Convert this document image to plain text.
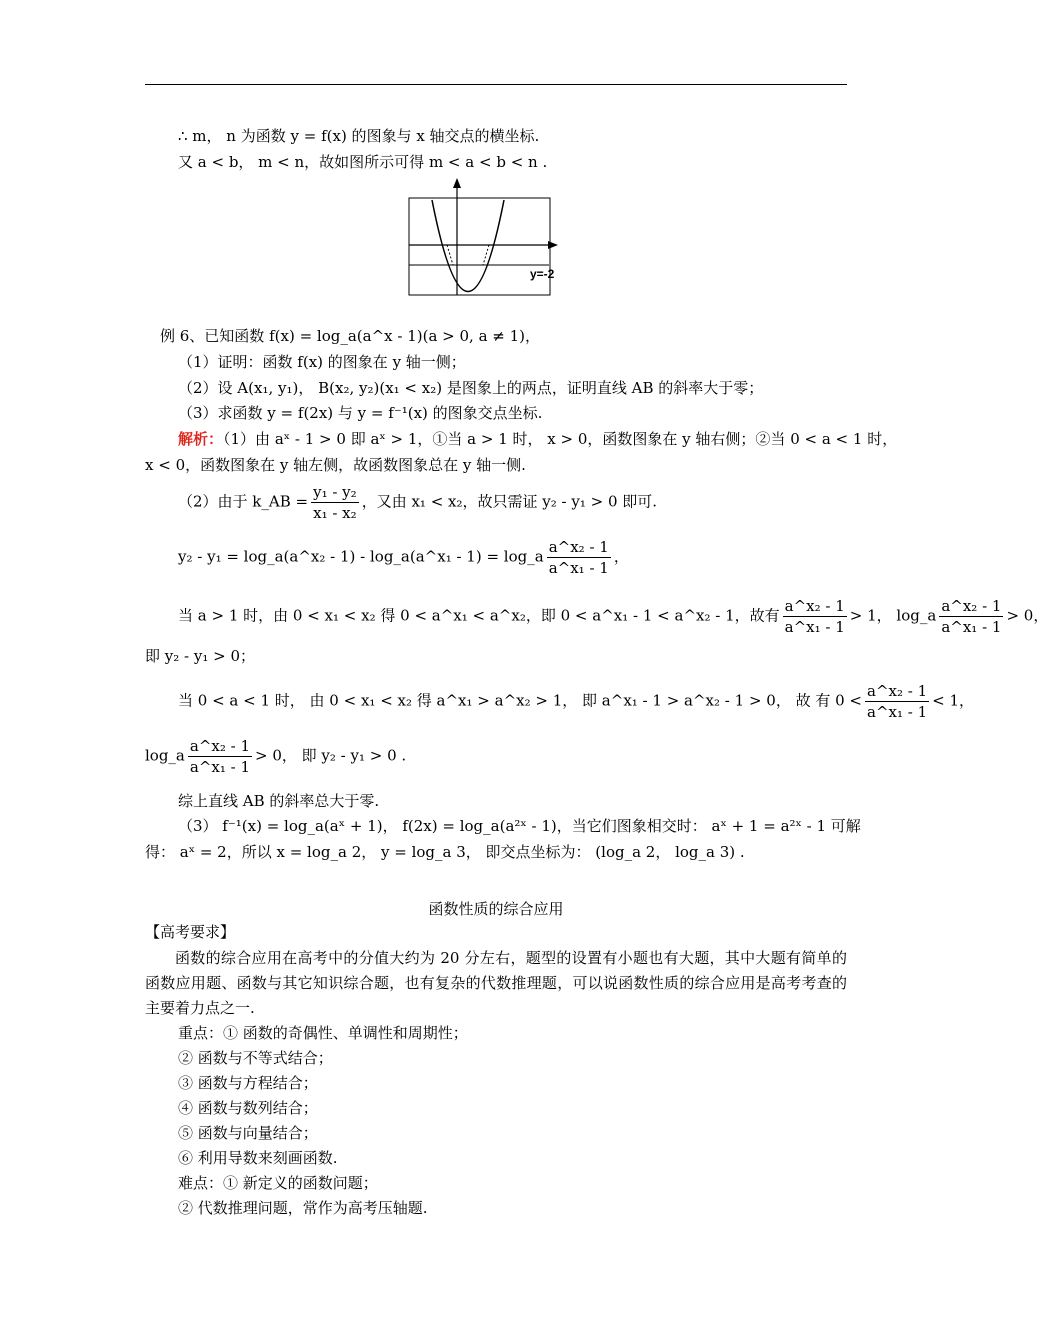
∴ m， n 为函数 y = f(x) 的图象与 x 轴交点的横坐标.
又 a < b， m < n，故如图所示可得 m < a < b < n .
y=-2
例 6、已知函数 f(x) = log_a(a^x - 1)(a > 0, a ≠ 1)，
（1）证明：函数 f(x) 的图象在 y 轴一侧；
（2）设 A(x₁, y₁)， B(x₂, y₂)(x₁ < x₂) 是图象上的两点，证明直线 AB 的斜率大于零；
（3）求函数 y = f(2x) 与 y = f⁻¹(x) 的图象交点坐标.
解析：（1）由 aˣ - 1 > 0 即 aˣ > 1，①当 a > 1 时， x > 0，函数图象在 y 轴右侧；②当 0 < a < 1 时，
x < 0，函数图象在 y 轴左侧，故函数图象总在 y 轴一侧.
（2）由于 k_AB = $\frac{\text{y₁ - y₂}}{\text{x₁ - x₂}}$ ，又由 x₁ < x₂，故只需证 y₂ - y₁ > 0 即可.
y₂ - y₁ = log_a(a^x₂ - 1) - log_a(a^x₁ - 1) = log_a $\frac{\text{a\textasciicircum{}x₂ - 1}}{\text{a\textasciicircum{}x₁ - 1}}$ ，
当 a > 1 时，由 0 < x₁ < x₂ 得 0 < a^x₁ < a^x₂，即 0 < a^x₁ - 1 < a^x₂ - 1，故有 $\frac{\text{a\textasciicircum{}x₂ - 1}}{\text{a\textasciicircum{}x₁ - 1}} > 1$， log_a $\frac{\text{a\textasciicircum{}x₂ - 1}}{\text{a\textasciicircum{}x₁ - 1}} > 0$，
即 y₂ - y₁ > 0；
当 0 < a < 1 时， 由 0 < x₁ < x₂ 得 a^x₁ > a^x₂ > 1， 即 a^x₁ - 1 > a^x₂ - 1 > 0， 故 有 $0 < \frac{\text{a\textasciicircum{}x₂ - 1}}{\text{a\textasciicircum{}x₁ - 1}} < 1$，
log_a $\frac{\text{a\textasciicircum{}x₂ - 1}}{\text{a\textasciicircum{}x₁ - 1}} > 0$， 即 y₂ - y₁ > 0 .
综上直线 AB 的斜率总大于零.
（3） f⁻¹(x) = log_a(aˣ + 1)， f(2x) = log_a(a²ˣ - 1)，当它们图象相交时： aˣ + 1 = a²ˣ - 1 可解
得： aˣ = 2，所以 x = log_a 2， y = log_a 3， 即交点坐标为： (log_a 2， log_a 3) .
函数性质的综合应用
【高考要求】
函数的综合应用在高考中的分值大约为 20 分左右，题型的设置有小题也有大题，其中大题有简单的函数应用题、函数与其它知识综合题，也有复杂的代数推理题，可以说函数性质的综合应用是高考考查的主要着力点之一.
重点：① 函数的奇偶性、单调性和周期性；
② 函数与不等式结合；
③ 函数与方程结合；
④ 函数与数列结合；
⑤ 函数与向量结合；
⑥ 利用导数来刻画函数.
难点：① 新定义的函数问题；
② 代数推理问题，常作为高考压轴题.
